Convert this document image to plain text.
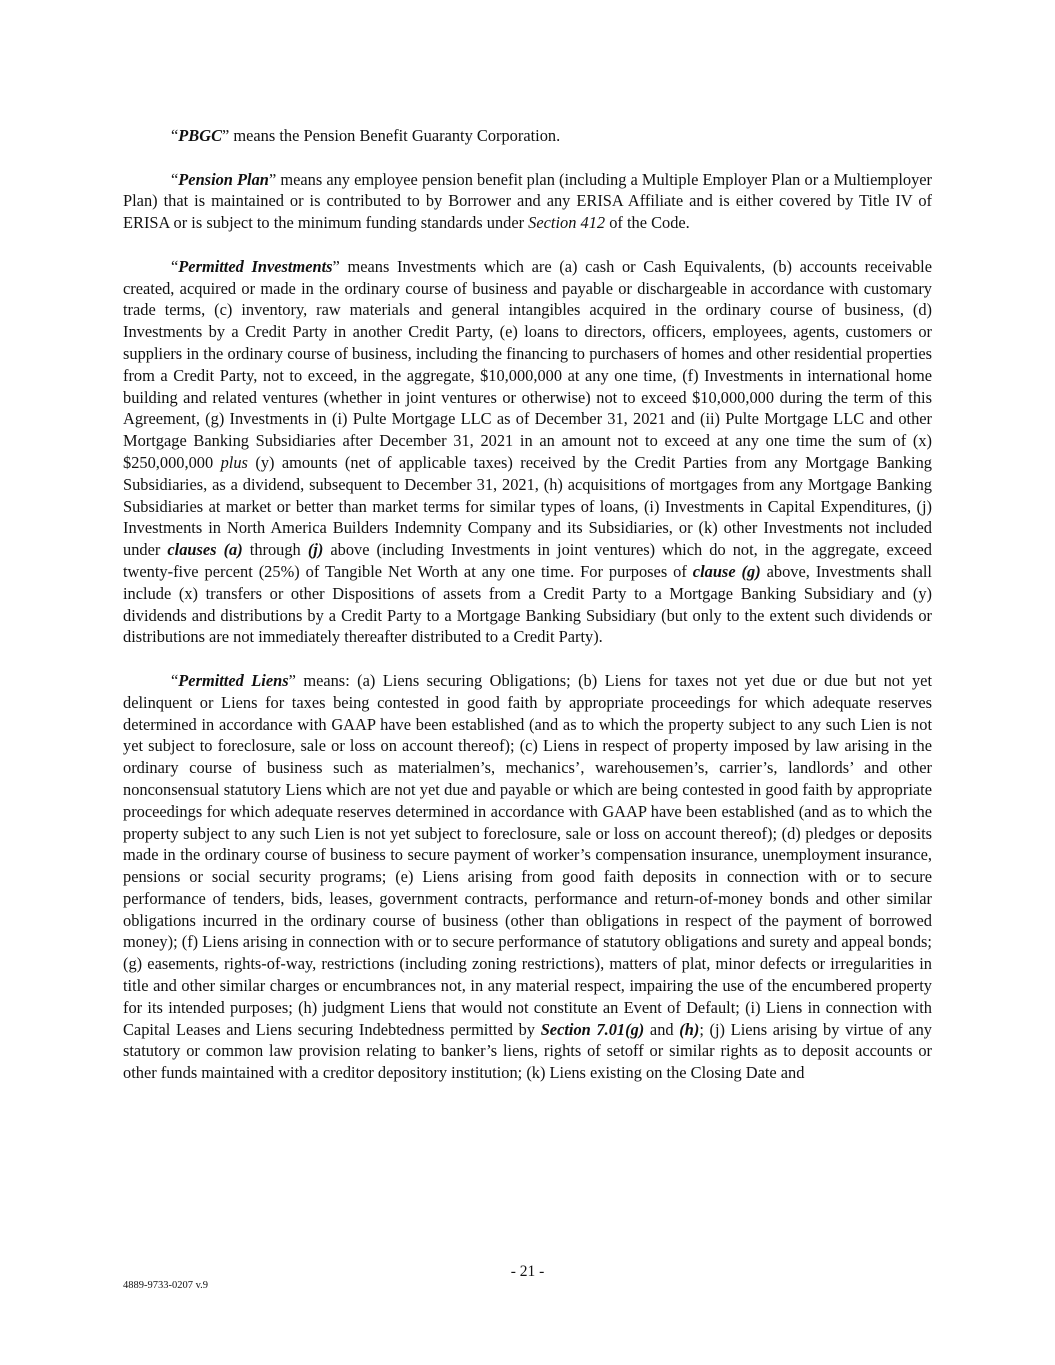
“PBGC” means the Pension Benefit Guaranty Corporation.

“Pension Plan” means any employee pension benefit plan (including a Multiple Employer Plan or a Multiemployer Plan) that is maintained or is contributed to by Borrower and any ERISA Affiliate and is either covered by Title IV of ERISA or is subject to the minimum funding standards under Section 412 of the Code.

“Permitted Investments” means Investments which are (a) cash or Cash Equivalents, (b) accounts receivable created, acquired or made in the ordinary course of business and payable or dischargeable in accordance with customary trade terms, (c) inventory, raw materials and general intangibles acquired in the ordinary course of business, (d) Investments by a Credit Party in another Credit Party, (e) loans to directors, officers, employees, agents, customers or suppliers in the ordinary course of business, including the financing to purchasers of homes and other residential properties from a Credit Party, not to exceed, in the aggregate, $10,000,000 at any one time, (f) Investments in international home building and related ventures (whether in joint ventures or otherwise) not to exceed $10,000,000 during the term of this Agreement, (g) Investments in (i) Pulte Mortgage LLC as of December 31, 2021 and (ii) Pulte Mortgage LLC and other Mortgage Banking Subsidiaries after December 31, 2021 in an amount not to exceed at any one time the sum of (x) $250,000,000 plus (y) amounts (net of applicable taxes) received by the Credit Parties from any Mortgage Banking Subsidiaries, as a dividend, subsequent to December 31, 2021, (h) acquisitions of mortgages from any Mortgage Banking Subsidiaries at market or better than market terms for similar types of loans, (i) Investments in Capital Expenditures, (j) Investments in North America Builders Indemnity Company and its Subsidiaries, or (k) other Investments not included under clauses (a) through (j) above (including Investments in joint ventures) which do not, in the aggregate, exceed twenty-five percent (25%) of Tangible Net Worth at any one time. For purposes of clause (g) above, Investments shall include (x) transfers or other Dispositions of assets from a Credit Party to a Mortgage Banking Subsidiary and (y) dividends and distributions by a Credit Party to a Mortgage Banking Subsidiary (but only to the extent such dividends or distributions are not immediately thereafter distributed to a Credit Party).

“Permitted Liens” means: (a) Liens securing Obligations; (b) Liens for taxes not yet due or due but not yet delinquent or Liens for taxes being contested in good faith by appropriate proceedings for which adequate reserves determined in accordance with GAAP have been established (and as to which the property subject to any such Lien is not yet subject to foreclosure, sale or loss on account thereof); (c) Liens in respect of property imposed by law arising in the ordinary course of business such as materialmen’s, mechanics’, warehousemen’s, carrier’s, landlords’ and other nonconsensual statutory Liens which are not yet due and payable or which are being contested in good faith by appropriate proceedings for which adequate reserves determined in accordance with GAAP have been established (and as to which the property subject to any such Lien is not yet subject to foreclosure, sale or loss on account thereof); (d) pledges or deposits made in the ordinary course of business to secure payment of worker’s compensation insurance, unemployment insurance, pensions or social security programs; (e) Liens arising from good faith deposits in connection with or to secure performance of tenders, bids, leases, government contracts, performance and return-of-money bonds and other similar obligations incurred in the ordinary course of business (other than obligations in respect of the payment of borrowed money); (f) Liens arising in connection with or to secure performance of statutory obligations and surety and appeal bonds; (g) easements, rights-of-way, restrictions (including zoning restrictions), matters of plat, minor defects or irregularities in title and other similar charges or encumbrances not, in any material respect, impairing the use of the encumbered property for its intended purposes; (h) judgment Liens that would not constitute an Event of Default; (i) Liens in connection with Capital Leases and Liens securing Indebtedness permitted by Section 7.01(g) and (h); (j) Liens arising by virtue of any statutory or common law provision relating to banker’s liens, rights of setoff or similar rights as to deposit accounts or other funds maintained with a creditor depository institution; (k) Liens existing on the Closing Date and

- 21 -
4889-9733-0207 v.9
